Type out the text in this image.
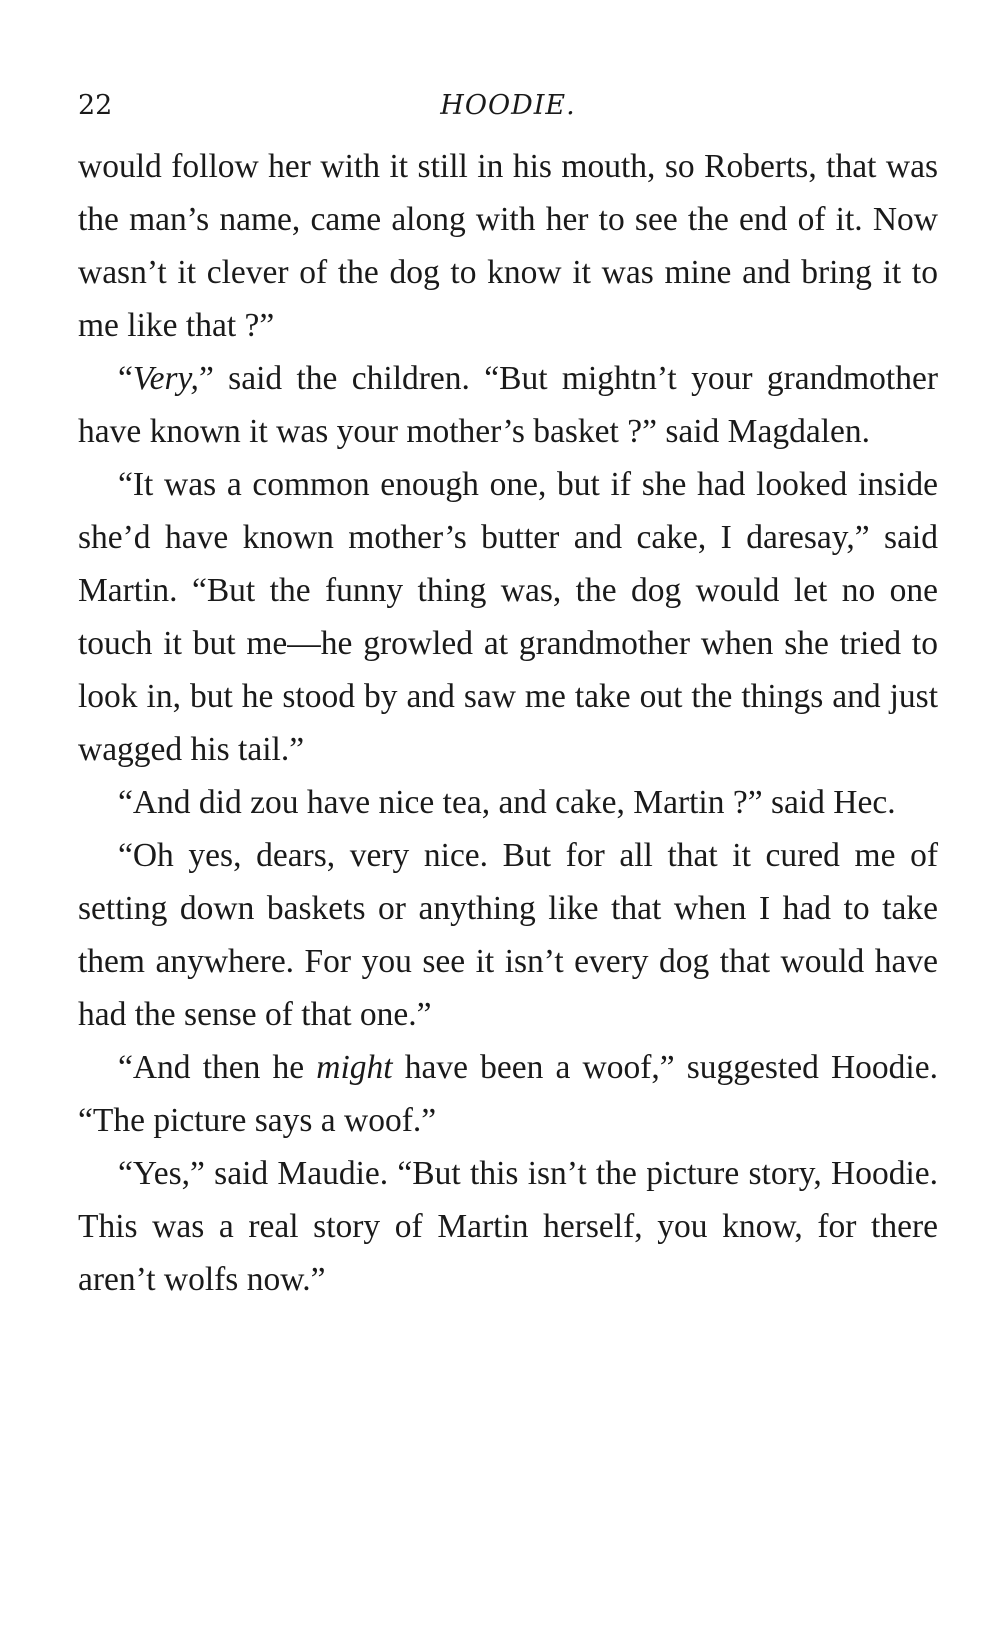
22	HOODIE.

would follow her with it still in his mouth, so Roberts, that was the man’s name, came along with her to see the end of it. Now wasn’t it clever of the dog to know it was mine and bring it to me like that ?”

“Very,” said the children. “But mightn’t your grandmother have known it was your mother’s basket ?” said Magdalen.

“It was a common enough one, but if she had looked inside she’d have known mother’s butter and cake, I daresay,” said Martin. “But the funny thing was, the dog would let no one touch it but me—he growled at grandmother when she tried to look in, but he stood by and saw me take out the things and just wagged his tail.”

“And did zou have nice tea, and cake, Martin ?” said Hec.

“Oh yes, dears, very nice. But for all that it cured me of setting down baskets or anything like that when I had to take them anywhere. For you see it isn’t every dog that would have had the sense of that one.”

“And then he might have been a woof,” suggested Hoodie. “The picture says a woof.”

“Yes,” said Maudie. “But this isn’t the picture story, Hoodie. This was a real story of Martin herself, you know, for there aren’t wolfs now.”
